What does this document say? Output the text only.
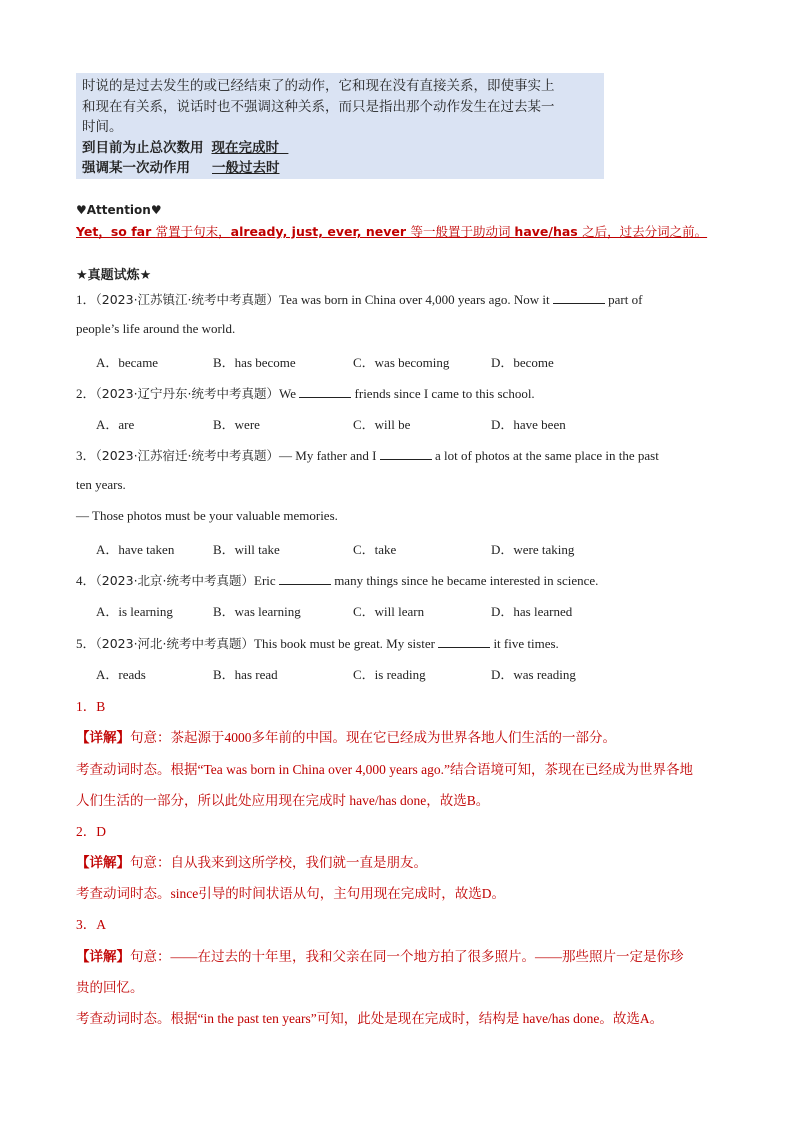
时说的是过去发生的或已经结束了的动作，它和现在没有直接关系，即使事实上
和现在有关系，说话时也不强调这种关系，而只是指出那个动作发生在过去某一
时间。
到目前为止总次数用 现在完成时
强调某一次动作用 一般过去时
♥Attention♥
Yet，so far 常置于句末，already, just, ever, never 等一般置于助动词 have/has 之后，过去分词之前。
★真题试炼★
1．（2023·江苏镇江·统考中考真题）Tea was born in China over 4,000 years ago. Now it	part of
people’s life around the world.
A．became	B．has become	C．was becoming	D．become
2．（2023·辽宁丹东·统考中考真题）We	friends since I came to this school.
A．are	B．were	C．will be	D．have been
3．（2023·江苏宿迁·统考中考真题）— My father and I	a lot of photos at the same place in the past
ten years.
— Those photos must be your valuable memories.
A．have taken	B．will take	C．take	D．were taking
4．（2023·北京·统考中考真题）Eric	many things since he became interested in science.
A．is learning	B．was learning	C．will learn	D．has learned
5．（2023·河北·统考中考真题）This book must be great. My sister	it five times.
A．reads	B．has read	C．is reading	D．was reading
1．B
【详解】句意：茶起源于4000多年前的中国。现在它已经成为世界各地人们生活的一部分。
考查动词时态。根据“Tea was born in China over 4,000 years ago.”结合语境可知，茶现在已经成为世界各地
人们生活的一部分，所以此处应用现在完成时 have/has done，故选B。
2．D
【详解】句意：自从我来到这所学校，我们就一直是朋友。
考查动词时态。since引导的时间状语从句，主句用现在完成时，故选D。
3．A
【详解】句意：——在过去的十年里，我和父亲在同一个地方拍了很多照片。——那些照片一定是你珍
贵的回忆。
考查动词时态。根据“in the past ten years”可知，此处是现在完成时，结构是 have/has done。故选A。
